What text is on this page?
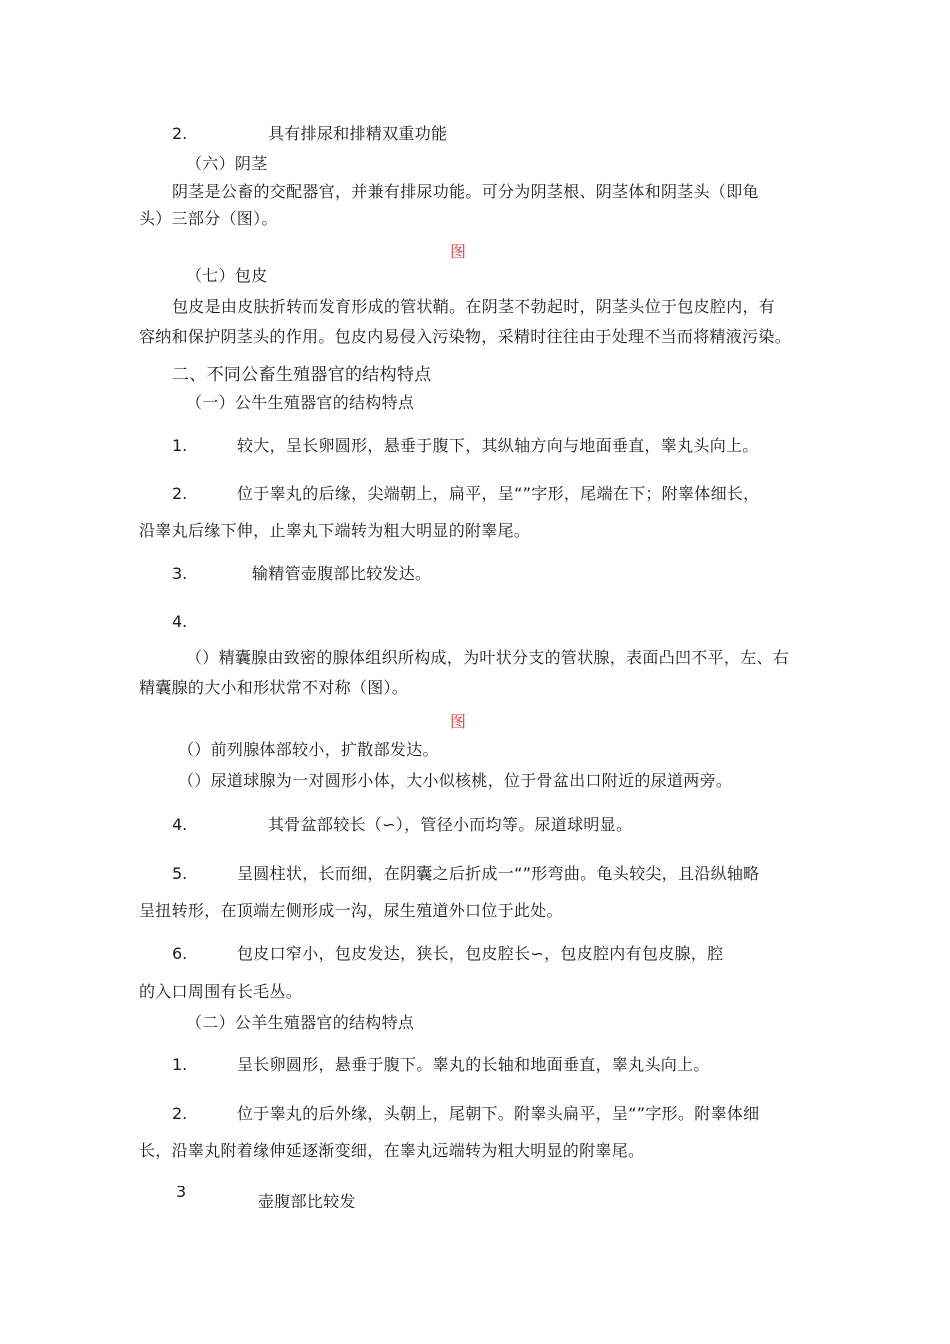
2.	具有排尿和排精双重功能
（六）阴茎
阴茎是公畜的交配器官，并兼有排尿功能。可分为阴茎根、阴茎体和阴茎头（即龟
头）三部分（图）。
图
（七）包皮
包皮是由皮肤折转而发育形成的管状鞘。在阴茎不勃起时，阴茎头位于包皮腔内，有
容纳和保护阴茎头的作用。包皮内易侵入污染物，采精时往往由于处理不当而将精液污染。
二、不同公畜生殖器官的结构特点
（一）公牛生殖器官的结构特点
1.	较大，呈长卵圆形，悬垂于腹下，其纵轴方向与地面垂直，睾丸头向上。
2.	位于睾丸的后缘，尖端朝上，扁平，呈“”字形，尾端在下；附睾体细长，
沿睾丸后缘下伸，止睾丸下端转为粗大明显的附睾尾。
3.	输精管壶腹部比较发达。
4.
（）精囊腺由致密的腺体组织所构成，为叶状分支的管状腺，表面凸凹不平，左、右
精囊腺的大小和形状常不对称（图）。
图
（）前列腺体部较小，扩散部发达。
（）尿道球腺为一对圆形小体，大小似核桃，位于骨盆出口附近的尿道两旁。
4.	其骨盆部较长（∽），管径小而均等。尿道球明显。
5.	呈圆柱状，长而细，在阴囊之后折成一“”形弯曲。龟头较尖，且沿纵轴略
呈扭转形，在顶端左侧形成一沟，尿生殖道外口位于此处。
6.	包皮口窄小，包皮发达，狭长，包皮腔长∽，包皮腔内有包皮腺，腔
的入口周围有长毛丛。
（二）公羊生殖器官的结构特点
1.	呈长卵圆形，悬垂于腹下。睾丸的长轴和地面垂直，睾丸头向上。
2.	位于睾丸的后外缘，头朝上，尾朝下。附睾头扁平，呈“”字形。附睾体细
长，沿睾丸附着缘伸延逐渐变细，在睾丸远端转为粗大明显的附睾尾。
3
壶腹部比较发
